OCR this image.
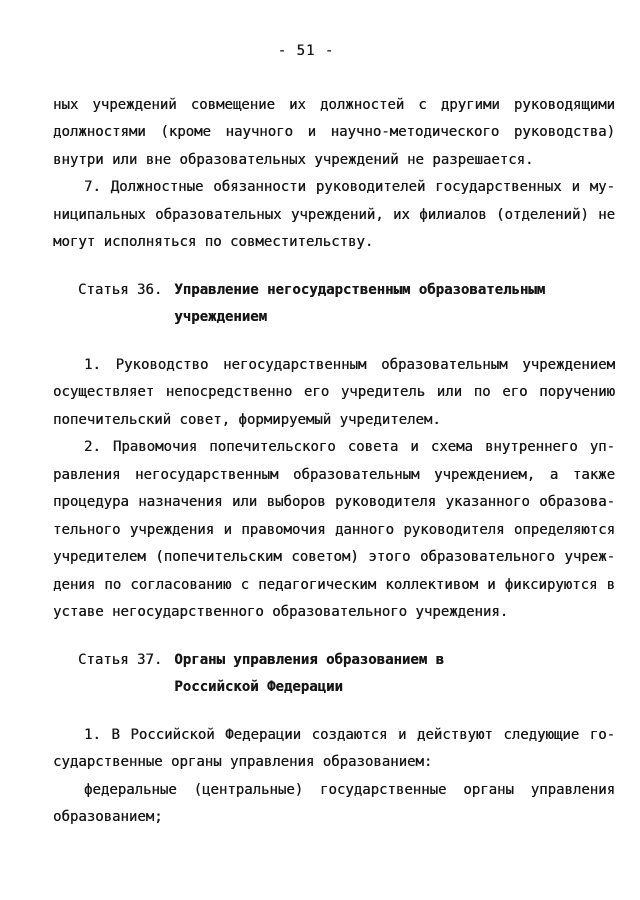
- 51 -
ных учреждений совмещение их должностей с другими руководящими
должностями (кроме научного и научно-методического руководства)
внутри или вне образовательных учреждений не разрешается.
7. Должностные обязанности руководителей государственных и му-
ниципальных образовательных учреждений, их филиалов (отделений) не
могут исполняться по совместительству.
Статья 36. Управление негосударственным образовательным
учреждением
1. Руководство негосударственным образовательным учреждением
осуществляет непосредственно его учредитель или по его поручению
попечительский совет, формируемый учредителем.
2. Правомочия попечительского совета и схема внутреннего уп-
равления негосударственным образовательным учреждением, а также
процедура назначения или выборов руководителя указанного образова-
тельного учреждения и правомочия данного руководителя определяются
учредителем (попечительским советом) этого образовательного учреж-
дения по согласованию с педагогическим коллективом и фиксируются в
уставе негосударственного образовательного учреждения.
Статья 37. Органы управления образованием в
Российской Федерации
1. В Российской Федерации создаются и действуют следующие го-
сударственные органы управления образованием:
федеральные (центральные) государственные органы управления
образованием;
